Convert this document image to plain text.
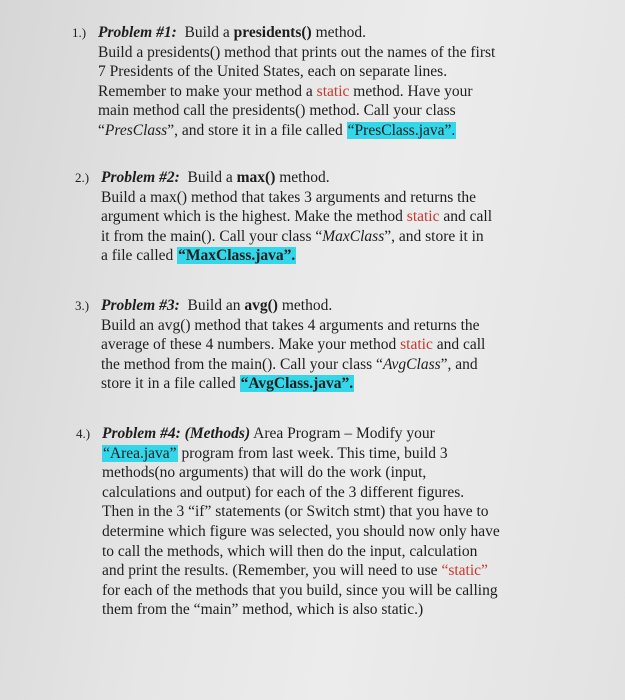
1.) Problem #1: Build a presidents() method.
Build a presidents() method that prints out the names of the first
7 Presidents of the United States, each on separate lines.
Remember to make your method a static method. Have your
main method call the presidents() method. Call your class
“PresClass”, and store it in a file called “PresClass.java”.
2.) Problem #2: Build a max() method.
Build a max() method that takes 3 arguments and returns the
argument which is the highest. Make the method static and call
it from the main(). Call your class “MaxClass”, and store it in
a file called “MaxClass.java”.
3.) Problem #3: Build an avg() method.
Build an avg() method that takes 4 arguments and returns the
average of these 4 numbers. Make your method static and call
the method from the main(). Call your class “AvgClass”, and
store it in a file called “AvgClass.java”.
4.) Problem #4: (Methods) Area Program – Modify your
“Area.java” program from last week. This time, build 3
methods(no arguments) that will do the work (input,
calculations and output) for each of the 3 different figures.
Then in the 3 “if” statements (or Switch stmt) that you have to
determine which figure was selected, you should now only have
to call the methods, which will then do the input, calculation
and print the results. (Remember, you will need to use “static”
for each of the methods that you build, since you will be calling
them from the “main” method, which is also static.)
